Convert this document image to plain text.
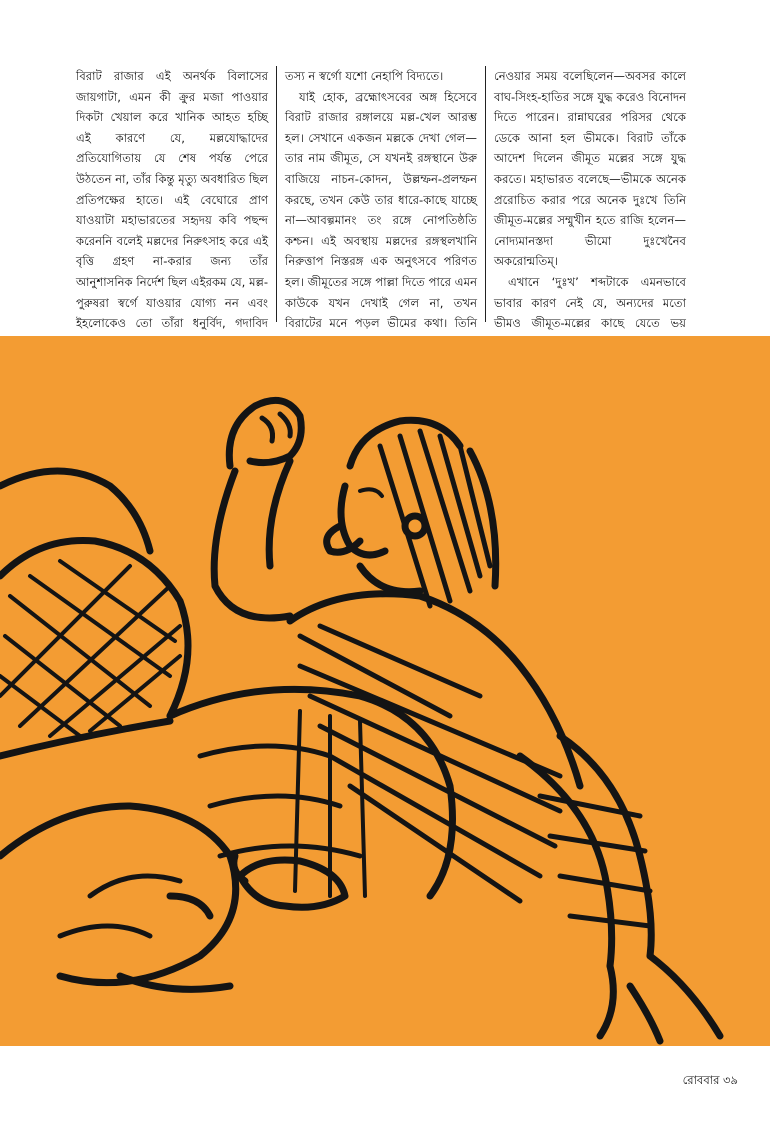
বিরাট রাজার এই অনর্থক বিলাসের জায়গাটা, এমন কী ক্রুর মজা পাওয়ার দিকটা খেয়াল করে খানিক আহত হচ্ছি এই কারণে যে, মল্লযোদ্ধাদের প্রতিযোগিতায় যে শেষ পর্যন্ত পেরে উঠতেন না, তাঁর কিন্তু মৃত্যু অবধারিত ছিল প্রতিপক্ষের হাতে। এই বেঘোরে প্রাণ যাওয়াটা মহাভারতের সহৃদয় কবি পছন্দ করেননি বলেই মল্লদের নিরুৎসাহ করে এই বৃত্তি গ্রহণ না-করার জন্য তাঁর আনুশাসনিক নির্দেশ ছিল এইরকম যে, মল্ল-পুরুষরা স্বর্গে যাওয়ার যোগ্য নন এবং ইহলোকেও তো তাঁরা ধনুর্বিদ, গদাবিদ

তস্য ন স্বর্গো যশো নেহাপি বিদ্যতে।

যাই হোক, ব্রহ্মোৎসবের অঙ্গ হিসেবে বিরাট রাজার রঙ্গালয়ে মল্ল-খেল আরম্ভ হল। সেখানে একজন মল্লকে দেখা গেল—তার নাম জীমূত, সে যখনই রঙ্গস্থানে উরু বাজিয়ে নাচন-কোদন, উল্লম্ফন-প্রলম্ফন করছে, তখন কেউ তার ধারে-কাছে যাচ্ছে না—আবল্গমানং তং রঙ্গে নোপতিষ্ঠতি কশ্চন। এই অবস্থায় মল্লদের রঙ্গস্থলখানি নিরুত্তাপ নিস্তরঙ্গ এক অনুৎসবে পরিণত হল। জীমূতের সঙ্গে পাল্লা দিতে পারে এমন কাউকে যখন দেখাই গেল না, তখন বিরাটের মনে পড়ল ভীমের কথা। তিনি

নেওয়ার সময় বলেছিলেন—অবসর কালে বাঘ-সিংহ-হাতির সঙ্গে যুদ্ধ করেও বিনোদন দিতে পারেন। রান্নাঘরের পরিসর থেকে ডেকে আনা হল ভীমকে। বিরাট তাঁকে আদেশ দিলেন জীমূত মল্লের সঙ্গে যুদ্ধ করতে। মহাভারত বলেছে—ভীমকে অনেক প্ররোচিত করার পরে অনেক দুঃখে তিনি জীমূত-মল্লের সম্মুখীন হতে রাজি হলেন—নোদ্যমানস্তদা ভীমো দুঃখেনৈব অকরোন্মতিম্।

এখানে ‘দুঃখ’ শব্দটাকে এমনভাবে ভাবার কারণ নেই যে, অন্যদের মতো ভীমও জীমূত-মল্লের কাছে যেতে ভয়

রোববার ৩৯
